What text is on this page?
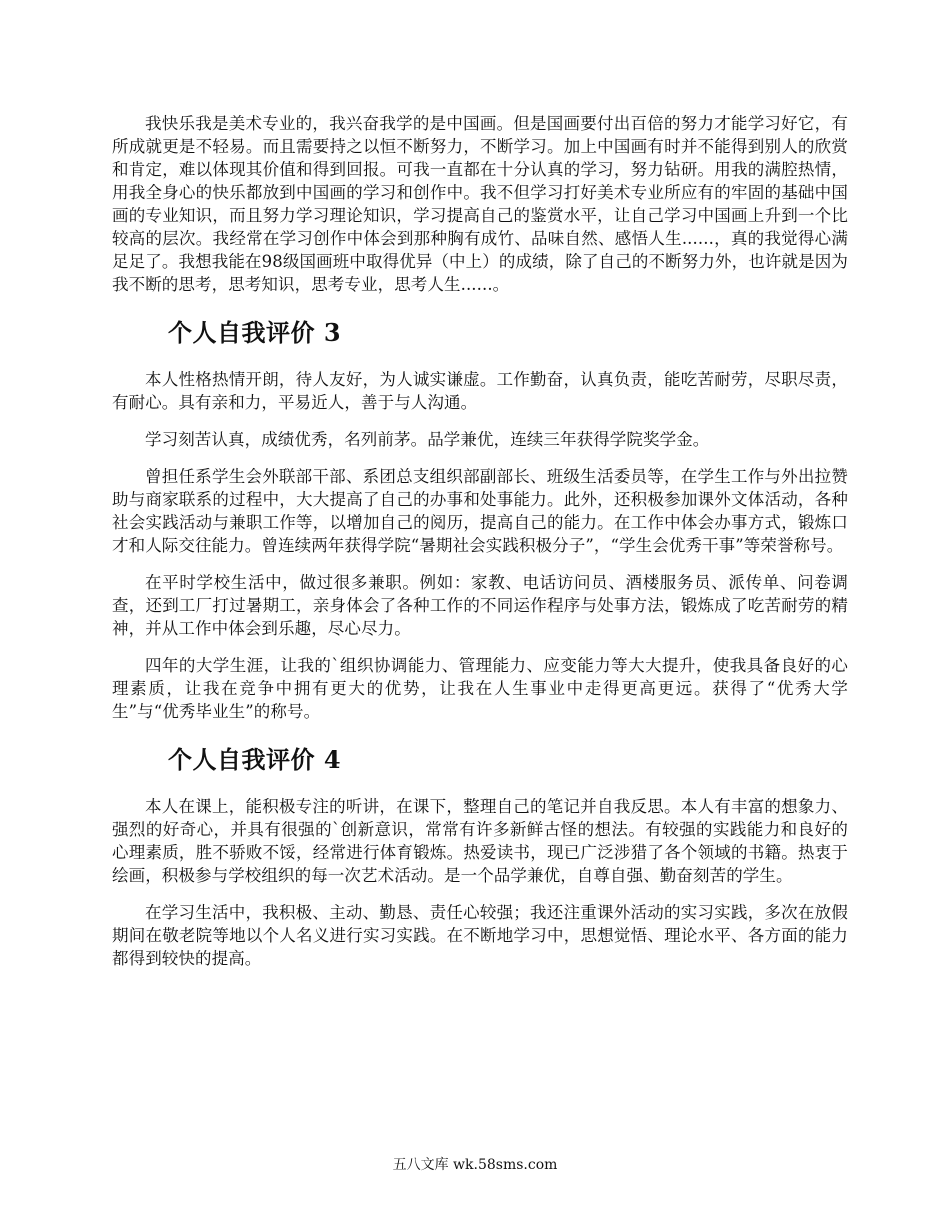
我快乐我是美术专业的，我兴奋我学的是中国画。但是国画要付出百倍的努力才能学习好它，有所成就更是不轻易。而且需要持之以恒不断努力，不断学习。加上中国画有时并不能得到别人的欣赏和肯定，难以体现其价值和得到回报。可我一直都在十分认真的学习，努力钻研。用我的满腔热情，用我全身心的快乐都放到中国画的学习和创作中。我不但学习打好美术专业所应有的牢固的基础中国画的专业知识，而且努力学习理论知识，学习提高自己的鉴赏水平，让自己学习中国画上升到一个比较高的层次。我经常在学习创作中体会到那种胸有成竹、品味自然、感悟人生......，真的我觉得心满足足了。我想我能在98级国画班中取得优异（中上）的成绩，除了自己的不断努力外，也许就是因为我不断的思考，思考知识，思考专业，思考人生......。

个人自我评价 3

本人性格热情开朗，待人友好，为人诚实谦虚。工作勤奋，认真负责，能吃苦耐劳，尽职尽责，有耐心。具有亲和力，平易近人，善于与人沟通。

学习刻苦认真，成绩优秀，名列前茅。品学兼优，连续三年获得学院奖学金。

曾担任系学生会外联部干部、系团总支组织部副部长、班级生活委员等，在学生工作与外出拉赞助与商家联系的过程中，大大提高了自己的办事和处事能力。此外，还积极参加课外文体活动，各种社会实践活动与兼职工作等，以增加自己的阅历，提高自己的能力。在工作中体会办事方式，锻炼口才和人际交往能力。曾连续两年获得学院“暑期社会实践积极分子”，“学生会优秀干事”等荣誉称号。

在平时学校生活中，做过很多兼职。例如：家教、电话访问员、酒楼服务员、派传单、问卷调查，还到工厂打过暑期工，亲身体会了各种工作的不同运作程序与处事方法，锻炼成了吃苦耐劳的精神，并从工作中体会到乐趣，尽心尽力。

四年的大学生涯，让我的`组织协调能力、管理能力、应变能力等大大提升，使我具备良好的心理素质，让我在竞争中拥有更大的优势，让我在人生事业中走得更高更远。获得了“优秀大学生”与“优秀毕业生”的称号。

个人自我评价 4

本人在课上，能积极专注的听讲，在课下，整理自己的笔记并自我反思。本人有丰富的想象力、强烈的好奇心，并具有很强的`创新意识，常常有许多新鲜古怪的想法。有较强的实践能力和良好的心理素质，胜不骄败不馁，经常进行体育锻炼。热爱读书，现已广泛涉猎了各个领域的书籍。热衷于绘画，积极参与学校组织的每一次艺术活动。是一个品学兼优，自尊自强、勤奋刻苦的学生。

在学习生活中，我积极、主动、勤恳、责任心较强；我还注重课外活动的实习实践，多次在放假期间在敬老院等地以个人名义进行实习实践。在不断地学习中，思想觉悟、理论水平、各方面的能力都得到较快的提高。

五八文库 wk.58sms.com
